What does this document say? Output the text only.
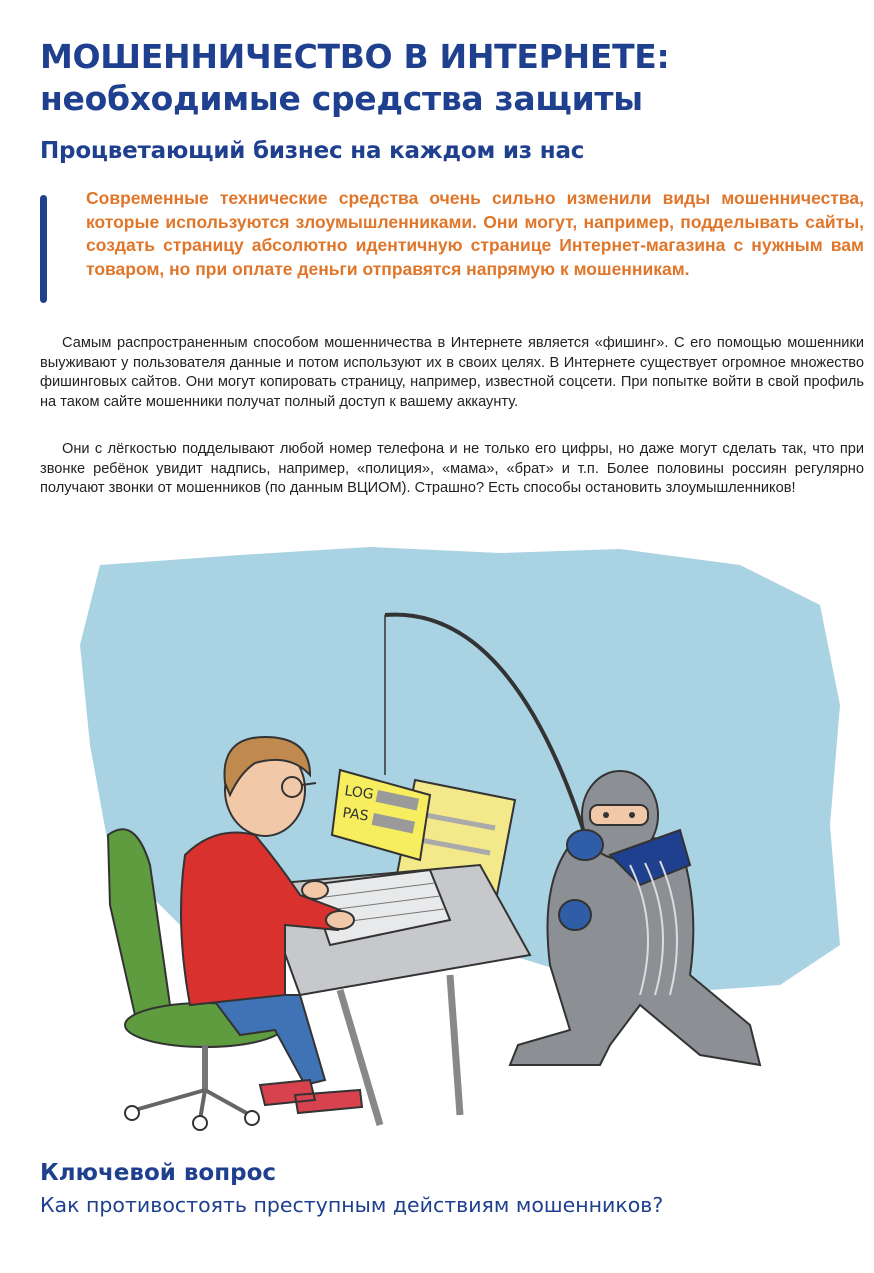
МОШЕННИЧЕСТВО В ИНТЕРНЕТЕ:
необходимые средства защиты
Процветающий бизнес на каждом из нас

Современные технические средства очень сильно изменили виды мошенничества, которые используются злоумышленниками. Они могут, например, подделывать сайты, создать страницу абсолютно идентичную странице Интернет-магазина с нужным вам товаром, но при оплате деньги отправятся напрямую к мошенникам.

Самым распространенным способом мошенничества в Интернете является «фишинг». С его помощью мошенники выуживают у пользователя данные и потом используют их в своих целях. В Интернете существует огромное множество фишинговых сайтов. Они могут копировать страницу, например, известной соцсети. При попытке войти в свой профиль на таком сайте мошенники получат полный доступ к вашему аккаунту.

Они с лёгкостью подделывают любой номер телефона и не только его цифры, но даже могут сделать так, что при звонке ребёнок увидит надпись, например, «полиция», «мама», «брат» и т.п. Более половины россиян регулярно получают звонки от мошенников (по данным ВЦИОМ). Страшно? Есть способы остановить злоумышленников!

LOG
PAS
Ключевой вопрос

Как противостоять преступным действиям мошенников?
